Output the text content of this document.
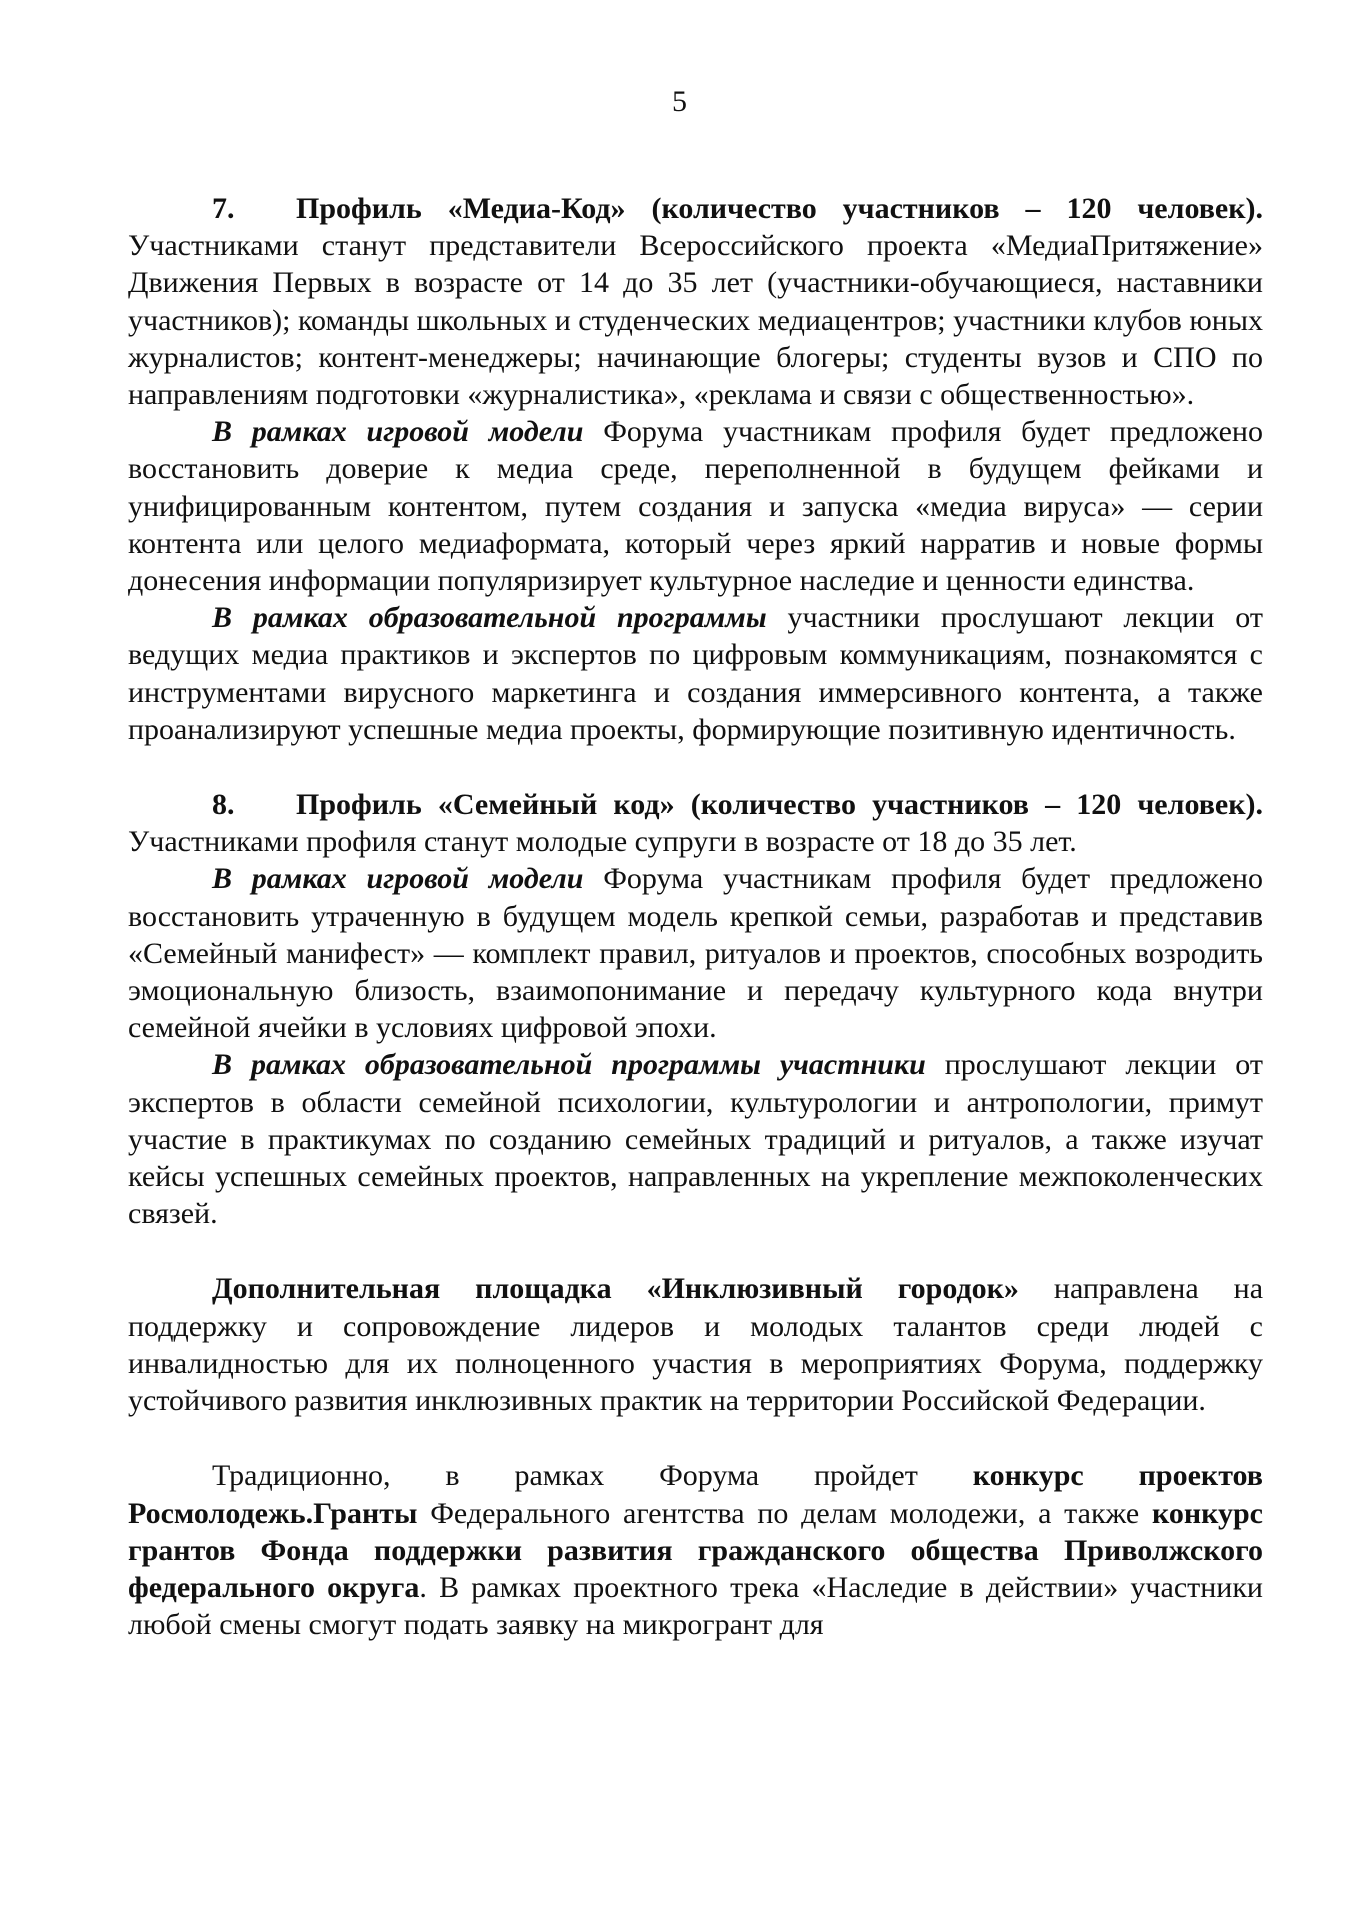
5

7. Профиль «Медиа-Код» (количество участников – 120 человек). Участниками станут представители Всероссийского проекта «МедиаПритяжение» Движения Первых в возрасте от 14 до 35 лет (участники-обучающиеся, наставники участников); команды школьных и студенческих медиацентров; участники клубов юных журналистов; контент-менеджеры; начинающие блогеры; студенты вузов и СПО по направлениям подготовки «журналистика», «реклама и связи с общественностью».

В рамках игровой модели Форума участникам профиля будет предложено восстановить доверие к медиа среде, переполненной в будущем фейками и унифицированным контентом, путем создания и запуска «медиа вируса» — серии контента или целого медиаформата, который через яркий нарратив и новые формы донесения информации популяризирует культурное наследие и ценности единства.

В рамках образовательной программы участники прослушают лекции от ведущих медиа практиков и экспертов по цифровым коммуникациям, познакомятся с инструментами вирусного маркетинга и создания иммерсивного контента, а также проанализируют успешные медиа проекты, формирующие позитивную идентичность.

8. Профиль «Семейный код» (количество участников – 120 человек). Участниками профиля станут молодые супруги в возрасте от 18 до 35 лет.

В рамках игровой модели Форума участникам профиля будет предложено восстановить утраченную в будущем модель крепкой семьи, разработав и представив «Семейный манифест» — комплект правил, ритуалов и проектов, способных возродить эмоциональную близость, взаимопонимание и передачу культурного кода внутри семейной ячейки в условиях цифровой эпохи.

В рамках образовательной программы участники прослушают лекции от экспертов в области семейной психологии, культурологии и антропологии, примут участие в практикумах по созданию семейных традиций и ритуалов, а также изучат кейсы успешных семейных проектов, направленных на укрепление межпоколенческих связей.

Дополнительная площадка «Инклюзивный городок» направлена на поддержку и сопровождение лидеров и молодых талантов среди людей с инвалидностью для их полноценного участия в мероприятиях Форума, поддержку устойчивого развития инклюзивных практик на территории Российской Федерации.

Традиционно, в рамках Форума пройдет конкурс проектов Росмолодежь.Гранты Федерального агентства по делам молодежи, а также конкурс грантов Фонда поддержки развития гражданского общества Приволжского федерального округа. В рамках проектного трека «Наследие в действии» участники любой смены смогут подать заявку на микрогрант для
